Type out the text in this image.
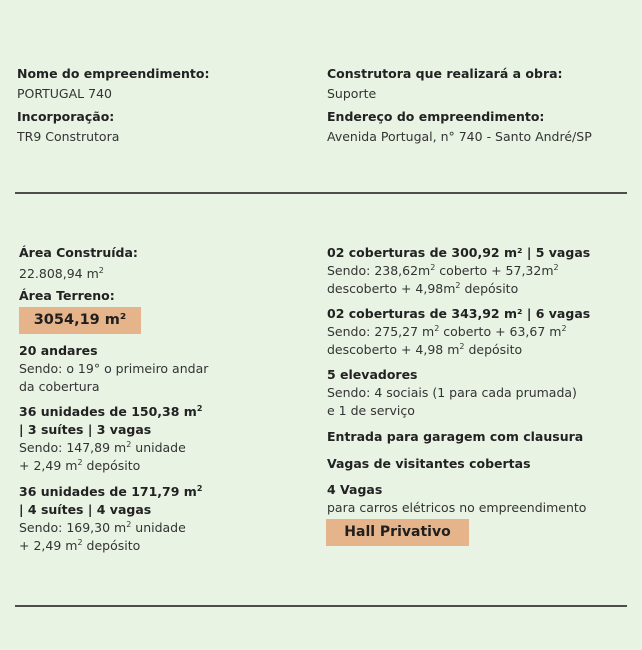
Nome do empreendimento:
PORTUGAL 740
Incorporação:
TR9 Construtora
Construtora que realizará a obra:
Suporte
Endereço do empreendimento:
Avenida Portugal, n° 740 - Santo André/SP
Área Construída:
22.808,94 $m^2$
Área Terreno:
3054,19 m²
20 andares
Sendo: o 19° o primeiro andar
da cobertura
36 unidades de 150,38 $m^2$
| 3 suítes | 3 vagas
Sendo: 147,89 $m^2$ unidade
+ 2,49 $m^2$ depósito
36 unidades de 171,79 $m^2$
| 4 suítes | 4 vagas
Sendo: 169,30 $m^2$ unidade
+ 2,49 $m^2$ depósito
02 coberturas de 300,92 m² | 5 vagas
Sendo: $238,62m^2$ coberto + $57,32m^2$
descoberto + $4,98m^2$ depósito
02 coberturas de 343,92 m² | 6 vagas
Sendo: 275,27 $m^2$ coberto + 63,67 $m^2$
descoberto + 4,98 $m^2$ depósito
5 elevadores
Sendo: 4 sociais (1 para cada prumada)
e 1 de serviço
Entrada para garagem com clausura
Vagas de visitantes cobertas
4 Vagas
para carros elétricos no empreendimento
Hall Privativo
